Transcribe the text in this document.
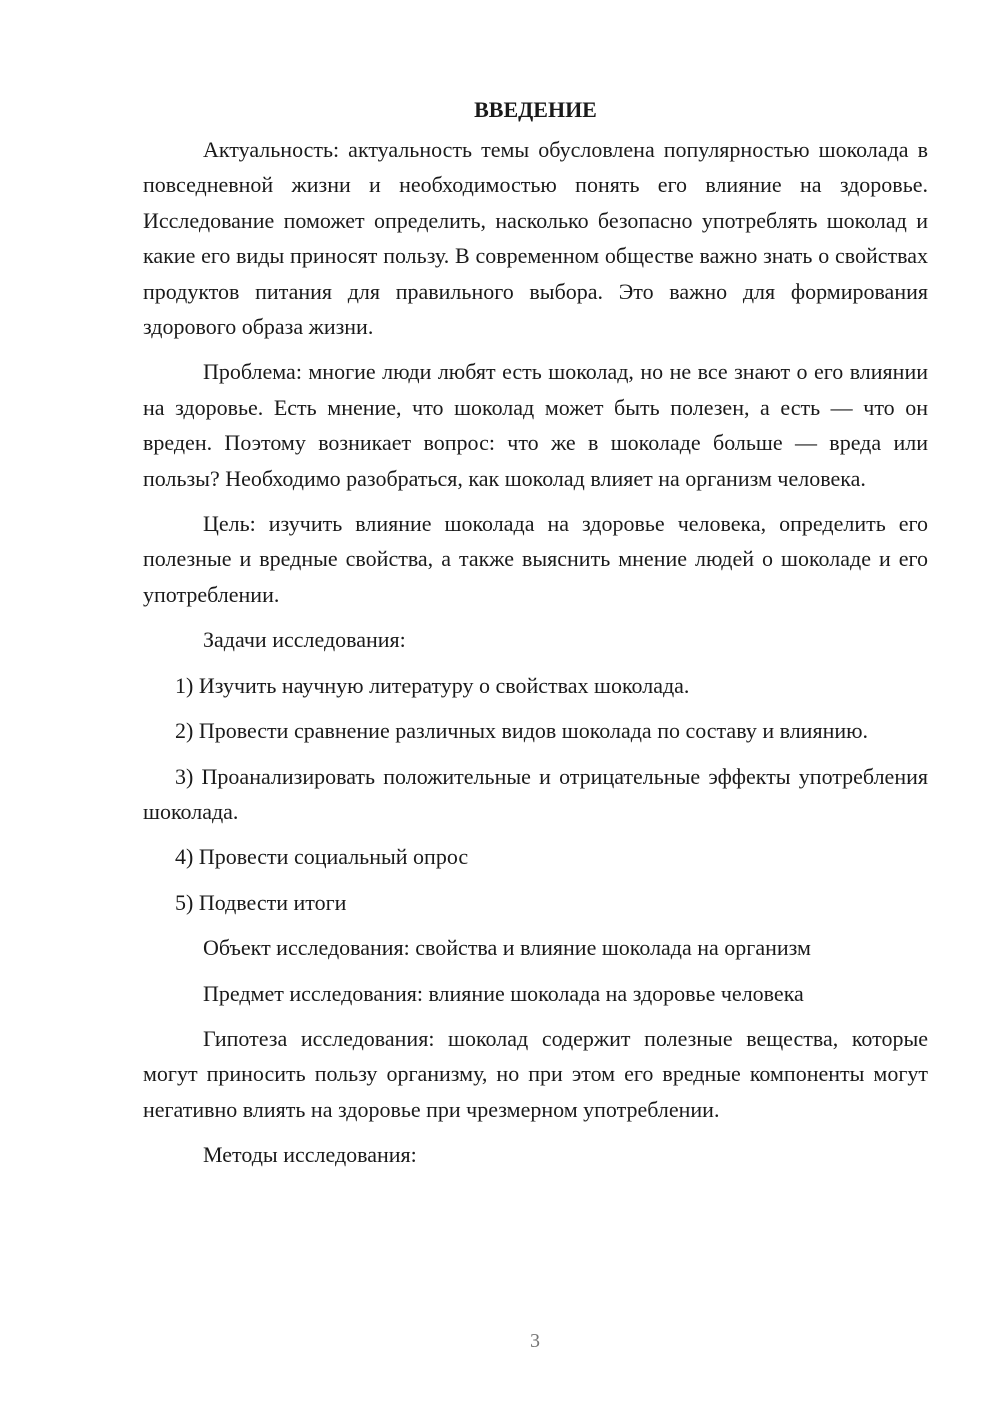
ВВЕДЕНИЕ

Актуальность: актуальность темы обусловлена популярностью шоколада в повседневной жизни и необходимостью понять его влияние на здоровье. Исследование поможет определить, насколько безопасно употреблять шоколад и какие его виды приносят пользу. В современном обществе важно знать о свойствах продуктов питания для правильного выбора. Это важно для формирования здорового образа жизни.

Проблема: многие люди любят есть шоколад, но не все знают о его влиянии на здоровье. Есть мнение, что шоколад может быть полезен, а есть — что он вреден. Поэтому возникает вопрос: что же в шоколаде больше — вреда или пользы? Необходимо разобраться, как шоколад влияет на организм человека.

Цель: изучить влияние шоколада на здоровье человека, определить его полезные и вредные свойства, а также выяснить мнение людей о шоколаде и его употреблении.

Задачи исследования:

1) Изучить научную литературу о свойствах шоколада.

2) Провести сравнение различных видов шоколада по составу и влиянию.

3) Проанализировать положительные и отрицательные эффекты употребления шоколада.

4) Провести социальный опрос

5) Подвести итоги

Объект исследования: свойства и влияние шоколада на организм

Предмет исследования: влияние шоколада на здоровье человека

Гипотеза исследования: шоколад содержит полезные вещества, которые могут приносить пользу организму, но при этом его вредные компоненты могут негативно влиять на здоровье при чрезмерном употреблении.

Методы исследования:

3
